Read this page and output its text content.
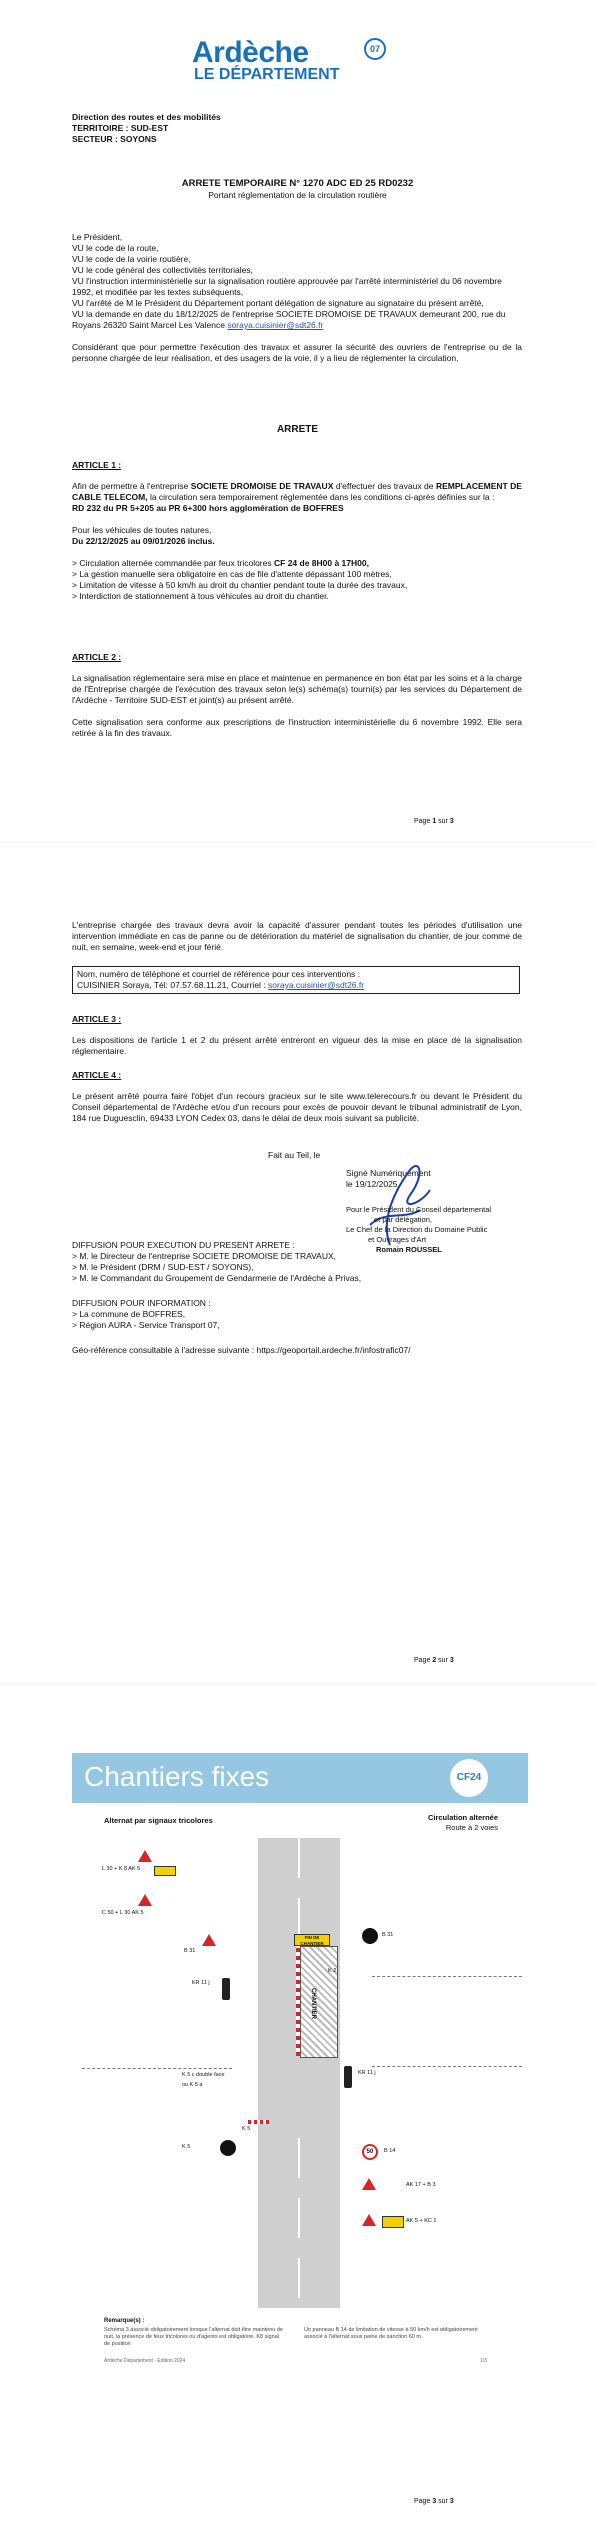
Ardèche	07
LE DÉPARTEMENT
Direction des routes et des mobilités
TERRITOIRE : SUD-EST
SECTEUR : SOYONS
ARRETE TEMPORAIRE N° 1270 ADC ED 25 RD0232
Portant réglementation de la circulation routière
Le Président,
VU le code de la route,
VU le code de la voirie routière,
VU le code général des collectivités territoriales,
VU l'instruction interministérielle sur la signalisation routière approuvée par l'arrêté interministériel du 06 novembre 1992, et modifiée par les textes subséquents,
VU l'arrêté de M le Président du Département portant délégation de signature au signataire du présent arrêté,
VU la demande en date du 18/12/2025 de l'entreprise SOCIETE DROMOISE DE TRAVAUX demeurant 200, rue du Royans 26320 Saint Marcel Les Valence soraya.cuisinier@sdt26.fr
Considérant que pour permettre l'exécution des travaux et assurer la sécurité des ouvriers de l'entreprise ou de la personne chargée de leur réalisation, et des usagers de la voie, il y a lieu de réglementer la circulation,
ARRETE
ARTICLE 1 :
Afin de permettre à l'entreprise SOCIETE DROMOISE DE TRAVAUX d'effectuer des travaux de REMPLACEMENT DE CABLE TELECOM, la circulation sera temporairement réglementée dans les conditions ci-après définies sur la :
RD 232 du PR 5+205 au PR 6+300 hors agglomération de BOFFRES
Pour les véhicules de toutes natures,
Du 22/12/2025 au 09/01/2026 inclus.
> Circulation alternée commandée par feux tricolores CF 24 de 8H00 à 17H00,
> La gestion manuelle sera obligatoire en cas de file d'attente dépassant 100 mètres,
> Limitation de vitesse à 50 km/h au droit du chantier pendant toute la durée des travaux,
> Interdiction de stationnement à tous véhicules au droit du chantier.
ARTICLE 2 :
La signalisation réglementaire sera mise en place et maintenue en permanence en bon état par les soins et à la charge de l'Entreprise chargée de l'exécution des travaux selon le(s) schéma(s) tourni(s) par les services du Département de l'Ardèche - Territoire SUD-EST et joint(s) au présent arrêté.
Cette signalisation sera conforme aux prescriptions de l'instruction interministérielle du 6 novembre 1992. Elle sera retirée à la fin des travaux.
Page 1 sur 3
L'entreprise chargée des travaux devra avoir la capacité d'assurer pendant toutes les périodes d'utilisation une intervention immédiate en cas de panne ou de détérioration du matériel de signalisation du chantier, de jour comme de nuit, en semaine, week-end et jour férié.
Nom, numéro de téléphone et courriel de référence pour ces interventions :
CUISINIER Soraya, Tél: 07.57.68.11.21, Courriel : soraya.cuisinier@sdt26.fr
ARTICLE 3 :
Les dispositions de l'article 1 et 2 du présent arrêté entreront en vigueur dès la mise en place de la signalisation réglementaire.
ARTICLE 4 :
Le présent arrêté pourra faire l'objet d'un recours gracieux sur le site www.telerecours.fr ou devant le Président du Conseil départemental de l'Ardèche et/ou d'un recours pour excès de pouvoir devant le tribunal administratif de Lyon, 184 rue Duguesclin, 69433 LYON Cedex 03, dans le délai de deux mois suivant sa publicité.
Fait au Teil, le
Signé Numériquement
le 19/12/2025
Pour le Président du Conseil départemental
et par délégation,
Le Chef de la Direction du Domaine Public
et Ouvrages d'Art
Romain ROUSSEL
DIFFUSION POUR EXECUTION DU PRESENT ARRETE :
> M. le Directeur de l'entreprise SOCIETE DROMOISE DE TRAVAUX,
> M. le Président (DRM / SUD-EST / SOYONS),
> M. le Commandant du Groupement de Gendarmerie de l'Ardèche à Privas,
DIFFUSION POUR INFORMATION :
> La commune de BOFFRES,
> Région AURA - Service Transport 07,
Géo-référence consultable à l'adresse suivante : https://geoportail.ardeche.fr/infostrafic07/
Page 2 sur 3
Chantiers fixes	CF24
Alternat par signaux tricolores	Circulation alternée
Route à 2 voies
CHANTIER
FIN DE CHANTIER
L 30 + K 8 AK 5
C 50 + L 30 AK 5
B 31
KR 11 j
K 5 c double face
ou K 5 a
K 5
K 5
B 31
K 2
KR 11 j
50	B 14
AK 17 + B 3
AK 5 + KC 1
Remarque(s) :
Schéma 3 associé obligatoirement lorsque l'alternat doit être maintenu de nuit, la présence de feux tricolores ou d'agents est obligatoire. K8 signal de position
Un panneau B 14 de limitation de vitesse à 50 km/h est obligatoirement associé à l'alternat sous peine de sanction 60 m.
Ardèche Département - Edition 2024	1/3
Page 3 sur 3
